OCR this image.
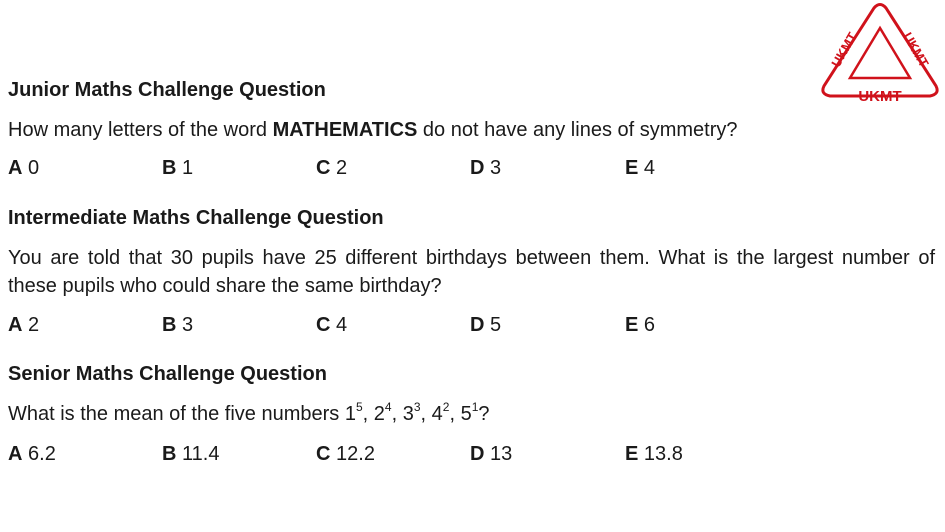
UKMT
UKMT	UKMT
Junior Maths Challenge Question

How many letters of the word MATHEMATICS do not have any lines of symmetry?

A 0	B 1	C 2	D 3	E 4
Intermediate Maths Challenge Question

You are told that 30 pupils have 25 different birthdays between them. What is the largest number of these pupils who could share the same birthday?

A 2	B 3	C 4	D 5	E 6
Senior Maths Challenge Question

What is the mean of the five numbers $1^5$, $2^4$, $3^3$, $4^2$, $5^1$?

A 6.2	B 11.4	C 12.2	D 13	E 13.8
